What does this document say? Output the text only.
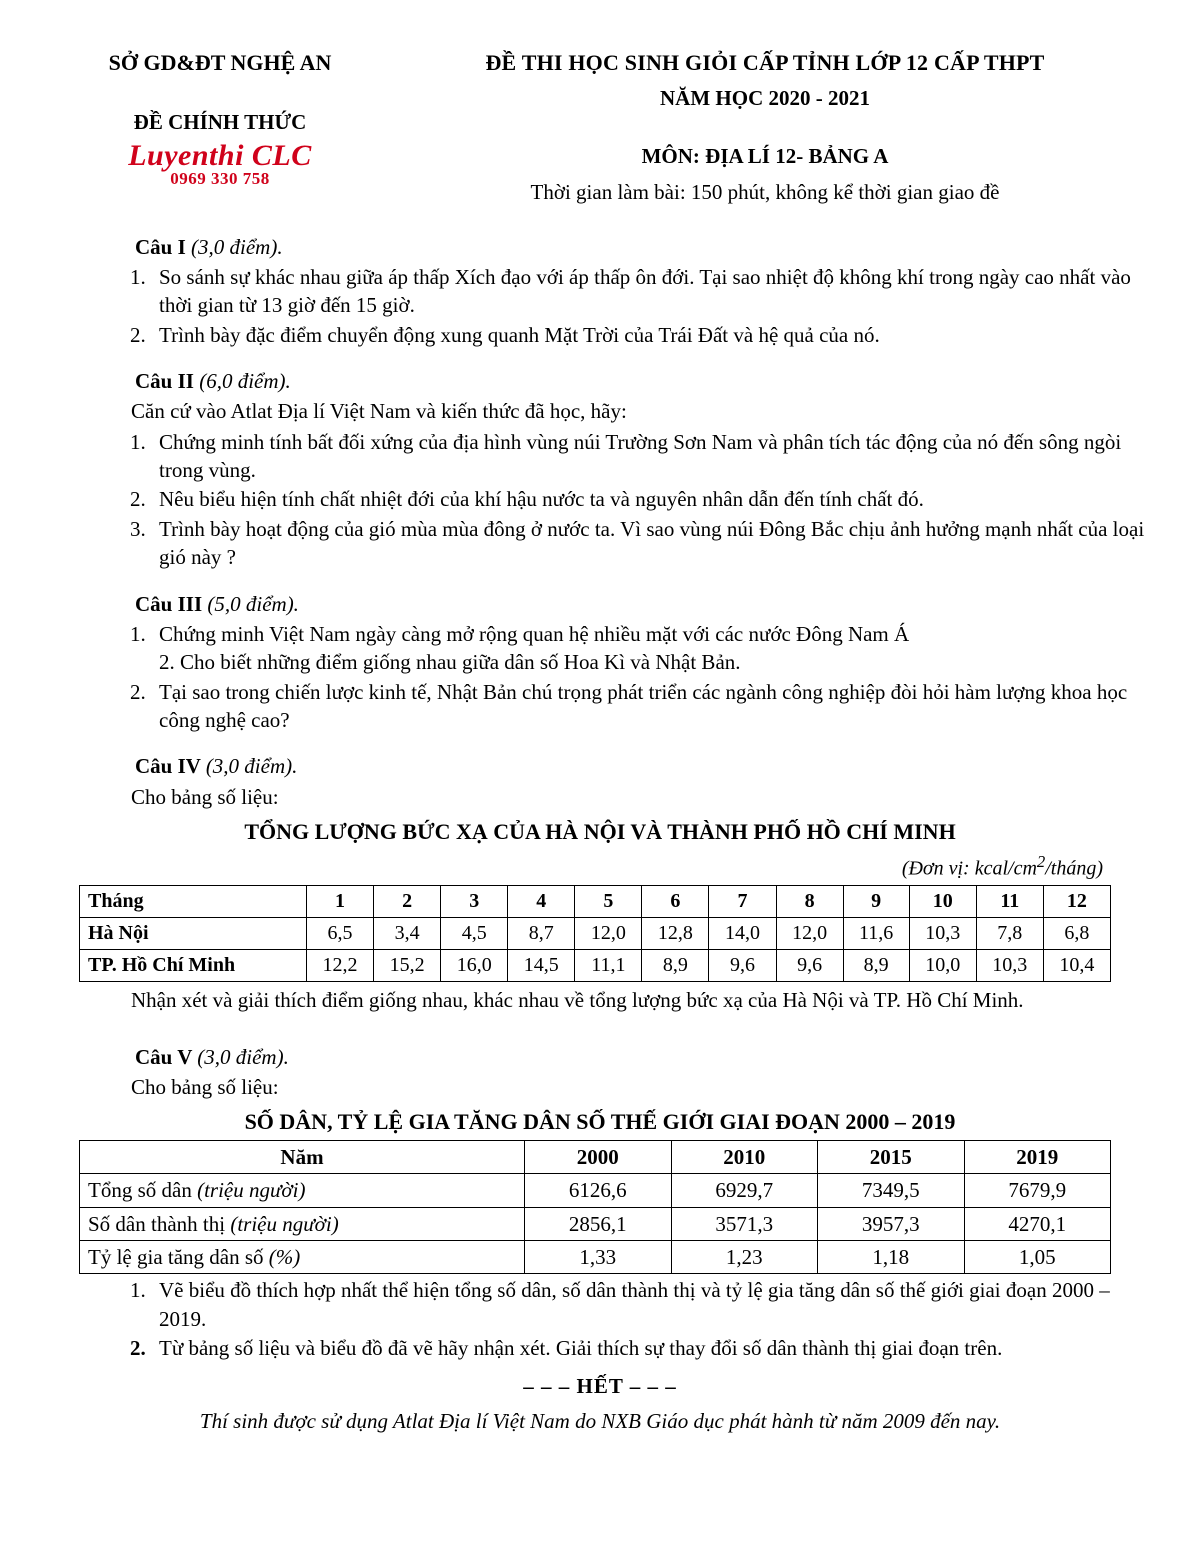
SỞ GD&ĐT NGHỆ AN
ĐỀ CHÍNH THỨC
Luyenthi CLC
0969 330 758
ĐỀ THI HỌC SINH GIỎI CẤP TỈNH LỚP 12 CẤP THPT
NĂM HỌC 2020 - 2021
MÔN: ĐỊA LÍ 12- BẢNG A
Thời gian làm bài: 150 phút, không kể thời gian giao đề
Câu I (3,0 điểm).
1. So sánh sự khác nhau giữa áp thấp Xích đạo với áp thấp ôn đới. Tại sao nhiệt độ không khí trong ngày cao nhất vào thời gian từ 13 giờ đến 15 giờ.
2. Trình bày đặc điểm chuyển động xung quanh Mặt Trời của Trái Đất và hệ quả của nó.
Câu II (6,0 điểm).
Căn cứ vào Atlat Địa lí Việt Nam và kiến thức đã học, hãy:
1. Chứng minh tính bất đối xứng của địa hình vùng núi Trường Sơn Nam và phân tích tác động của nó đến sông ngòi trong vùng.
2. Nêu biểu hiện tính chất nhiệt đới của khí hậu nước ta và nguyên nhân dẫn đến tính chất đó.
3. Trình bày hoạt động của gió mùa mùa đông ở nước ta. Vì sao vùng núi Đông Bắc chịu ảnh hưởng mạnh nhất của loại gió này ?
Câu III (5,0 điểm).
1. Chứng minh Việt Nam ngày càng mở rộng quan hệ nhiều mặt với các nước Đông Nam Á
2. Cho biết những điểm giống nhau giữa dân số Hoa Kì và Nhật Bản.
2. Tại sao trong chiến lược kinh tế, Nhật Bản chú trọng phát triển các ngành công nghiệp đòi hỏi hàm lượng khoa học công nghệ cao?
Câu IV (3,0 điểm).
Cho bảng số liệu:
TỔNG LƯỢNG BỨC XẠ CỦA HÀ NỘI VÀ THÀNH PHỐ HỒ CHÍ MINH
(Đơn vị: kcal/$cm^2/tháng$)
Tháng	1	2	3	4	5	6	7	8	9	10	11	12
Hà Nội	6,5	3,4	4,5	8,7	12,0	12,8	14,0	12,0	11,6	10,3	7,8	6,8
TP. Hồ Chí Minh	12,2	15,2	16,0	14,5	11,1	8,9	9,6	9,6	8,9	10,0	10,3	10,4
Nhận xét và giải thích điểm giống nhau, khác nhau về tổng lượng bức xạ của Hà Nội và TP. Hồ Chí Minh.
Câu V (3,0 điểm).
Cho bảng số liệu:
SỐ DÂN, TỶ LỆ GIA TĂNG DÂN SỐ THẾ GIỚI GIAI ĐOẠN 2000 – 2019
Năm	2000	2010	2015	2019
Tổng số dân (triệu người)	6126,6	6929,7	7349,5	7679,9
Số dân thành thị (triệu người)	2856,1	3571,3	3957,3	4270,1
Tỷ lệ gia tăng dân số (%)	1,33	1,23	1,18	1,05
1. Vẽ biểu đồ thích hợp nhất thể hiện tổng số dân, số dân thành thị và tỷ lệ gia tăng dân số thế giới giai đoạn 2000 – 2019.
2. Từ bảng số liệu và biểu đồ đã vẽ hãy nhận xét. Giải thích sự thay đổi số dân thành thị giai đoạn trên.
– – – HẾT – – –
Thí sinh được sử dụng Atlat Địa lí Việt Nam do NXB Giáo dục phát hành từ năm 2009 đến nay.
